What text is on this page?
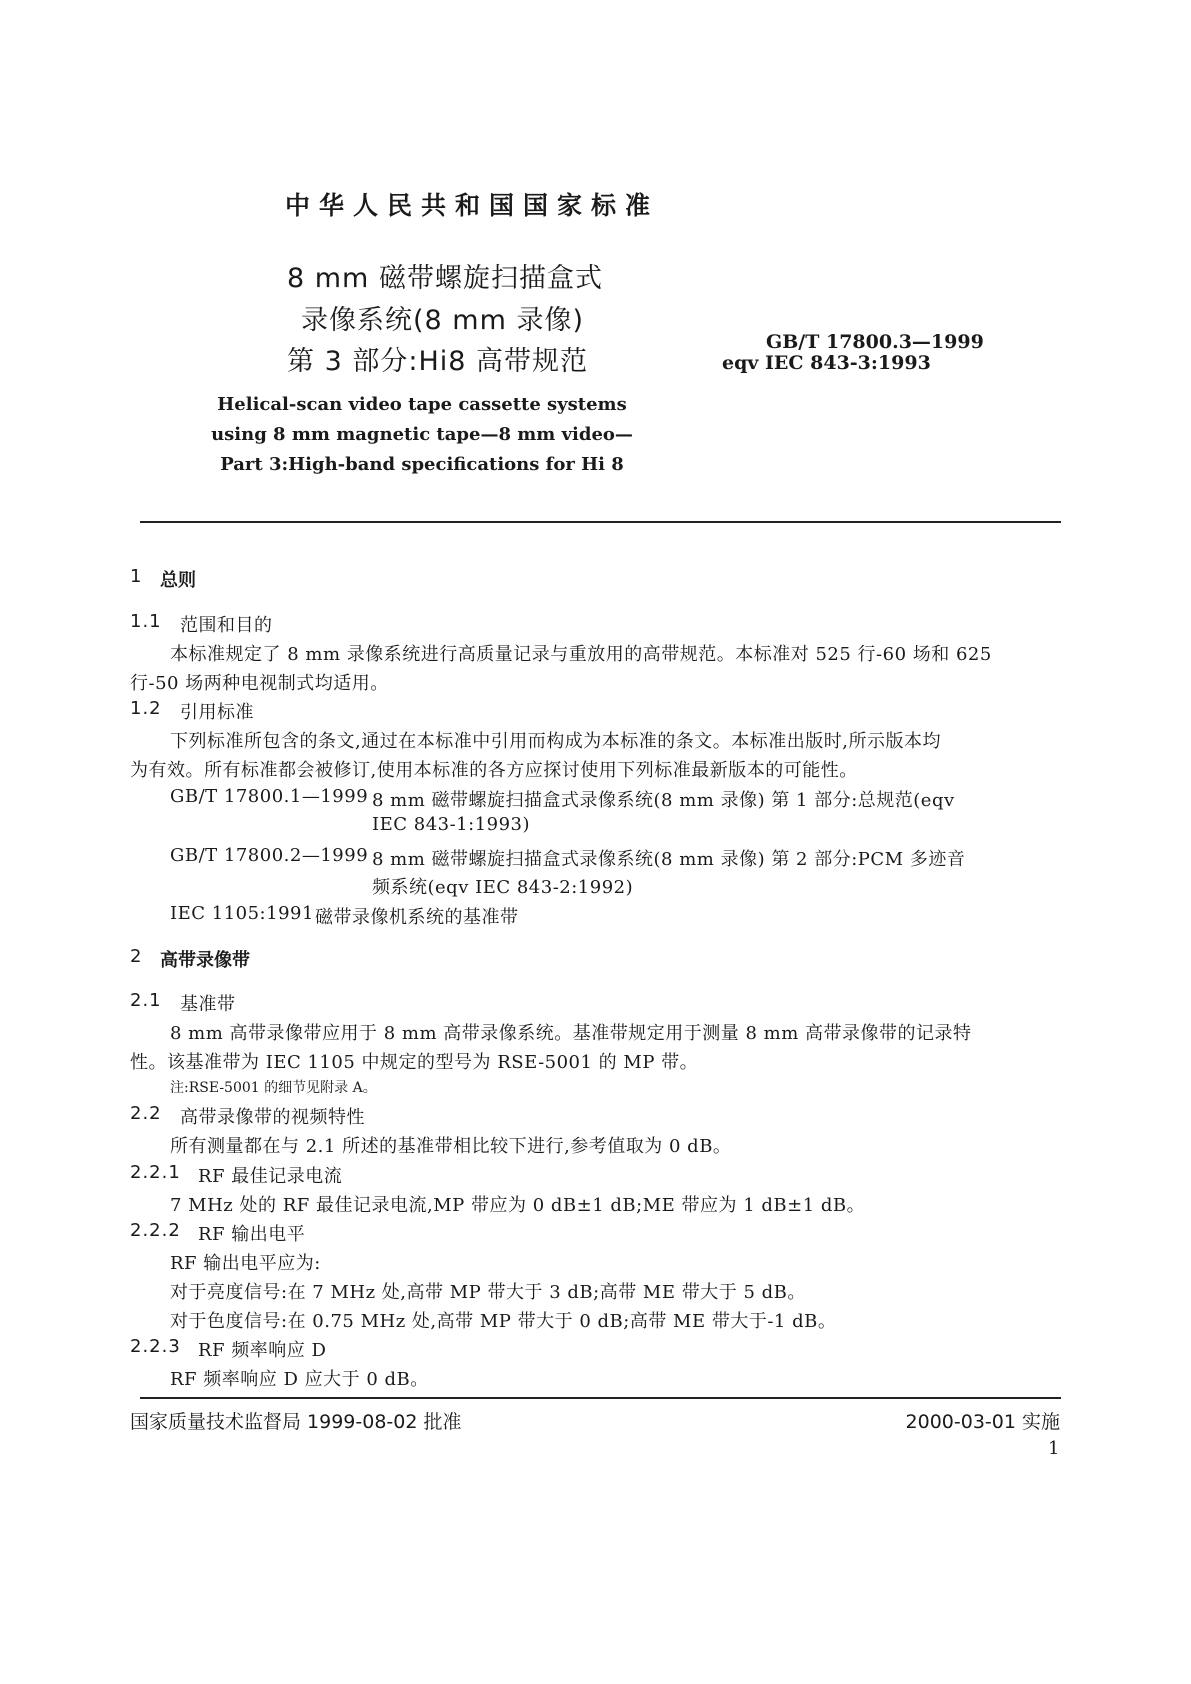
中华人民共和国国家标准
8 mm 磁带螺旋扫描盒式
录像系统(8 mm 录像)
第 3 部分:Hi8 高带规范
GB/T 17800.3—1999
eqv IEC 843-3:1993
Helical-scan video tape cassette systems
using 8 mm magnetic tape—8 mm video—
Part 3:High-band specifications for Hi 8
1 总则
1.1 范围和目的
本标准规定了 8 mm 录像系统进行高质量记录与重放用的高带规范。本标准对 525 行-60 场和 625
行-50 场两种电视制式均适用。
1.2 引用标准
下列标准所包含的条文,通过在本标准中引用而构成为本标准的条文。本标准出版时,所示版本均
为有效。所有标准都会被修订,使用本标准的各方应探讨使用下列标准最新版本的可能性。
GB/T 17800.1—1999 8 mm 磁带螺旋扫描盒式录像系统(8 mm 录像) 第 1 部分:总规范(eqv
IEC 843-1:1993)
GB/T 17800.2—1999 8 mm 磁带螺旋扫描盒式录像系统(8 mm 录像) 第 2 部分:PCM 多迹音
频系统(eqv IEC 843-2:1992)
IEC 1105:1991 磁带录像机系统的基准带
2 高带录像带
2.1 基准带
8 mm 高带录像带应用于 8 mm 高带录像系统。基准带规定用于测量 8 mm 高带录像带的记录特
性。该基准带为 IEC 1105 中规定的型号为 RSE-5001 的 MP 带。
注:RSE-5001 的细节见附录 A。
2.2 高带录像带的视频特性
所有测量都在与 2.1 所述的基准带相比较下进行,参考值取为 0 dB。
2.2.1 RF 最佳记录电流
7 MHz 处的 RF 最佳记录电流,MP 带应为 0 dB±1 dB;ME 带应为 1 dB±1 dB。
2.2.2 RF 输出电平
RF 输出电平应为:
对于亮度信号:在 7 MHz 处,高带 MP 带大于 3 dB;高带 ME 带大于 5 dB。
对于色度信号:在 0.75 MHz 处,高带 MP 带大于 0 dB;高带 ME 带大于-1 dB。
2.2.3 RF 频率响应 D
RF 频率响应 D 应大于 0 dB。
国家质量技术监督局 1999-08-02 批准	2000-03-01 实施
1
